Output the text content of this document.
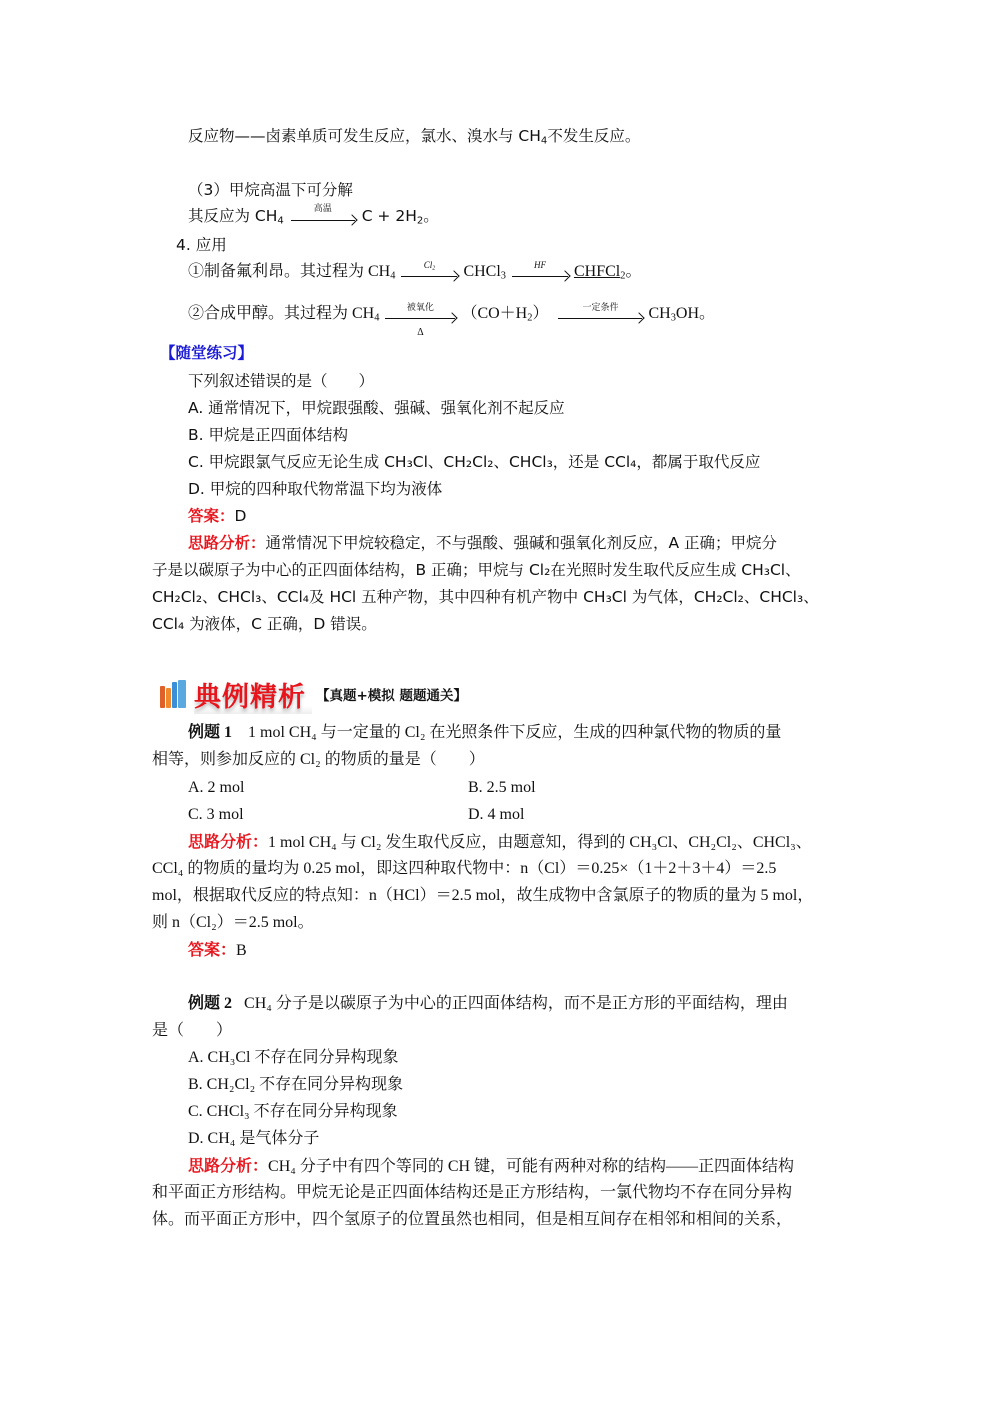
反应物——卤素单质可发生反应，氯水、溴水与 $CH_4$不发生反应。
（3）甲烷高温下可分解
其反应为 $CH_4$
高温	$C + 2H_2$。
4. 应用
①制备氟利昂。其过程为 $CH_4$
$Cl_2$	CHCl$_3$
HF	CHFCl$_2$。
②合成甲醇。其过程为 $CH_4$
被氧化
Δ
$(CO+H_2)$	一定条件	$CH_3OH$。
【随堂练习】
下列叙述错误的是（　　）
A. 通常情况下，甲烷跟强酸、强碱、强氧化剂不起反应
B. 甲烷是正四面体结构
C. 甲烷跟氯气反应无论生成 CH₃Cl、CH₂Cl₂、CHCl₃，还是 CCl₄，都属于取代反应
D. 甲烷的四种取代物常温下均为液体
答案：D
思路分析：通常情况下甲烷较稳定，不与强酸、强碱和强氧化剂反应，A 正确；甲烷分
子是以碳原子为中心的正四面体结构，B 正确；甲烷与 Cl₂在光照时发生取代反应生成 CH₃Cl、
CH₂Cl₂、CHCl₃、CCl₄及 HCl 五种产物，其中四种有机产物中 CH₃Cl 为气体，CH₂Cl₂、CHCl₃、
CCl₄ 为液体，C 正确，D 错误。
典例精析 【真题+模拟 题题通关】
例题 1 1 mol CH₄ 与一定量的 Cl₂ 在光照条件下反应，生成的四种氯代物的物质的量
相等，则参加反应的 Cl₂ 的物质的量是（　　）
A. 2 mol	B. 2.5 mol
C. 3 mol	D. 4 mol
思路分析：1 mol CH₄ 与 Cl₂ 发生取代反应，由题意知，得到的 CH₃Cl、CH₂Cl₂、CHCl₃、
CCl₄ 的物质的量均为 0.25 mol，即这四种取代物中：n（Cl）＝0.25×（1＋2＋3＋4）＝2.5
mol，根据取代反应的特点知：n（HCl）＝2.5 mol，故生成物中含氯原子的物质的量为 5 mol，
则 n（Cl₂）＝2.5 mol。
答案：B
例题 2 CH₄ 分子是以碳原子为中心的正四面体结构，而不是正方形的平面结构，理由
是（　　）
A. CH₃Cl 不存在同分异构现象
B. CH₂Cl₂ 不存在同分异构现象
C. CHCl₃ 不存在同分异构现象
D. CH₄ 是气体分子
思路分析：CH₄ 分子中有四个等同的 CH 键，可能有两种对称的结构——正四面体结构
和平面正方形结构。甲烷无论是正四面体结构还是正方形结构，一氯代物均不存在同分异构
体。而平面正方形中，四个氢原子的位置虽然也相同，但是相互间存在相邻和相间的关系，
